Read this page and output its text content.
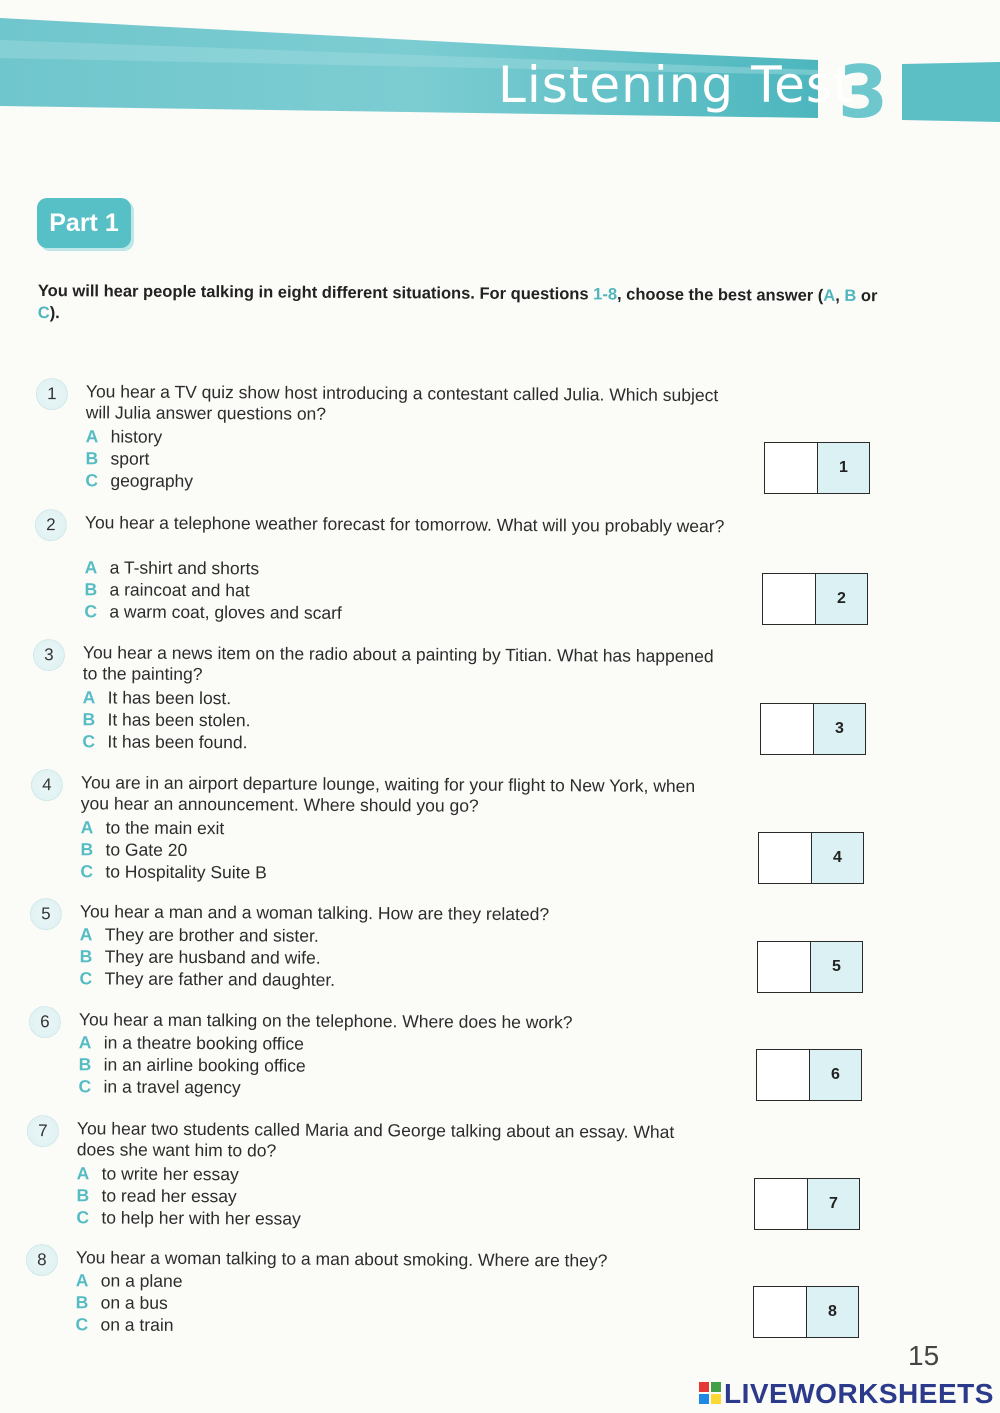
Listening Test
3
Part 1
You will hear people talking in eight different situations. For questions 1-8, choose the best answer (A, B or C).
1	You hear a TV quiz show host introducing a contestant called Julia. Which subject will Julia answer questions on?
A history
B sport
C geography
1
2	You hear a telephone weather forecast for tomorrow. What will you probably wear?
A a T-shirt and shorts
B a raincoat and hat
C a warm coat, gloves and scarf
2
3	You hear a news item on the radio about a painting by Titian. What has happened to the painting?
A It has been lost.
B It has been stolen.
C It has been found.
3
4	You are in an airport departure lounge, waiting for your flight to New York, when you hear an announcement. Where should you go?
A to the main exit
B to Gate 20
C to Hospitality Suite B
4
5	You hear a man and a woman talking. How are they related?
A They are brother and sister.
B They are husband and wife.
C They are father and daughter.
5
6	You hear a man talking on the telephone. Where does he work?
A in a theatre booking office
B in an airline booking office
C in a travel agency
6
7	You hear two students called Maria and George talking about an essay. What does she want him to do?
A to write her essay
B to read her essay
C to help her with her essay
7
8	You hear a woman talking to a man about smoking. Where are they?
A on a plane
B on a bus
C on a train
8
15
LIVEWORKSHEETS
